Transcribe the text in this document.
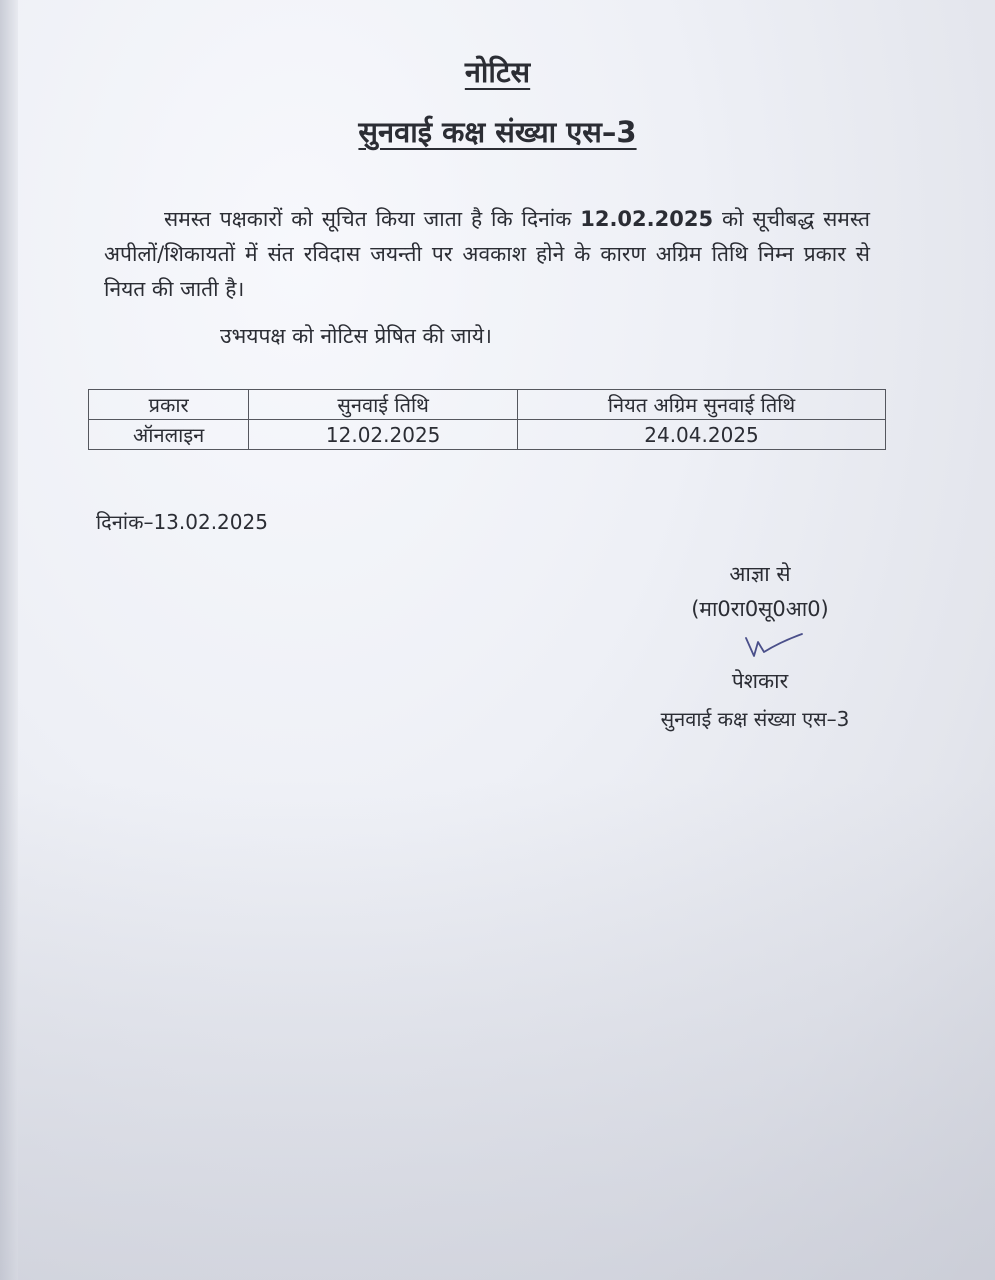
नोटिस
सुनवाई कक्ष संख्या एस–3
समस्त पक्षकारों को सूचित किया जाता है कि दिनांक 12.02.2025 को सूचीबद्ध समस्त अपीलों/शिकायतों में संत रविदास जयन्ती पर अवकाश होने के कारण अग्रिम तिथि निम्न प्रकार से नियत की जाती है।
उभयपक्ष को नोटिस प्रेषित की जाये।
प्रकार	सुनवाई तिथि	नियत अग्रिम सुनवाई तिथि
ऑनलाइन	12.02.2025	24.04.2025
दिनांक–13.02.2025
आज्ञा से
(मा0रा0सू0आ0)
पेशकार
सुनवाई कक्ष संख्या एस–3
